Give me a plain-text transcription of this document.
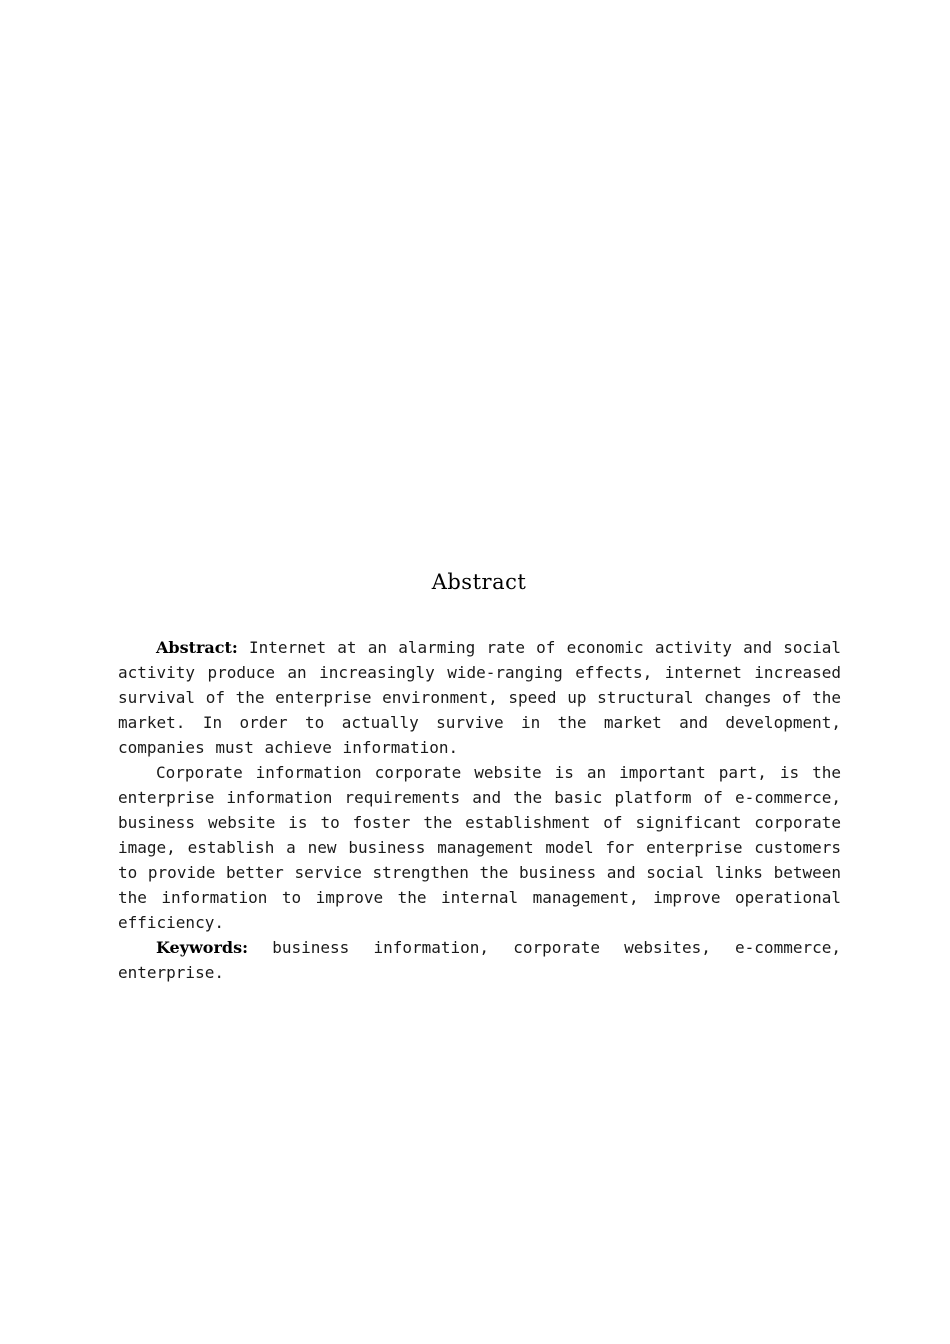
Abstract

Abstract: Internet at an alarming rate of economic activity and social activity produce an increasingly wide-ranging effects, internet increased survival of the enterprise environment, speed up structural changes of the market. In order to actually survive in the market and development, companies must achieve information.

Corporate information corporate website is an important part, is the enterprise information requirements and the basic platform of e-commerce, business website is to foster the establishment of significant corporate image, establish a new business management model for enterprise customers to provide better service strengthen the business and social links between the information to improve the internal management, improve operational efficiency.

Keywords: business information, corporate websites, e-commerce, enterprise.
